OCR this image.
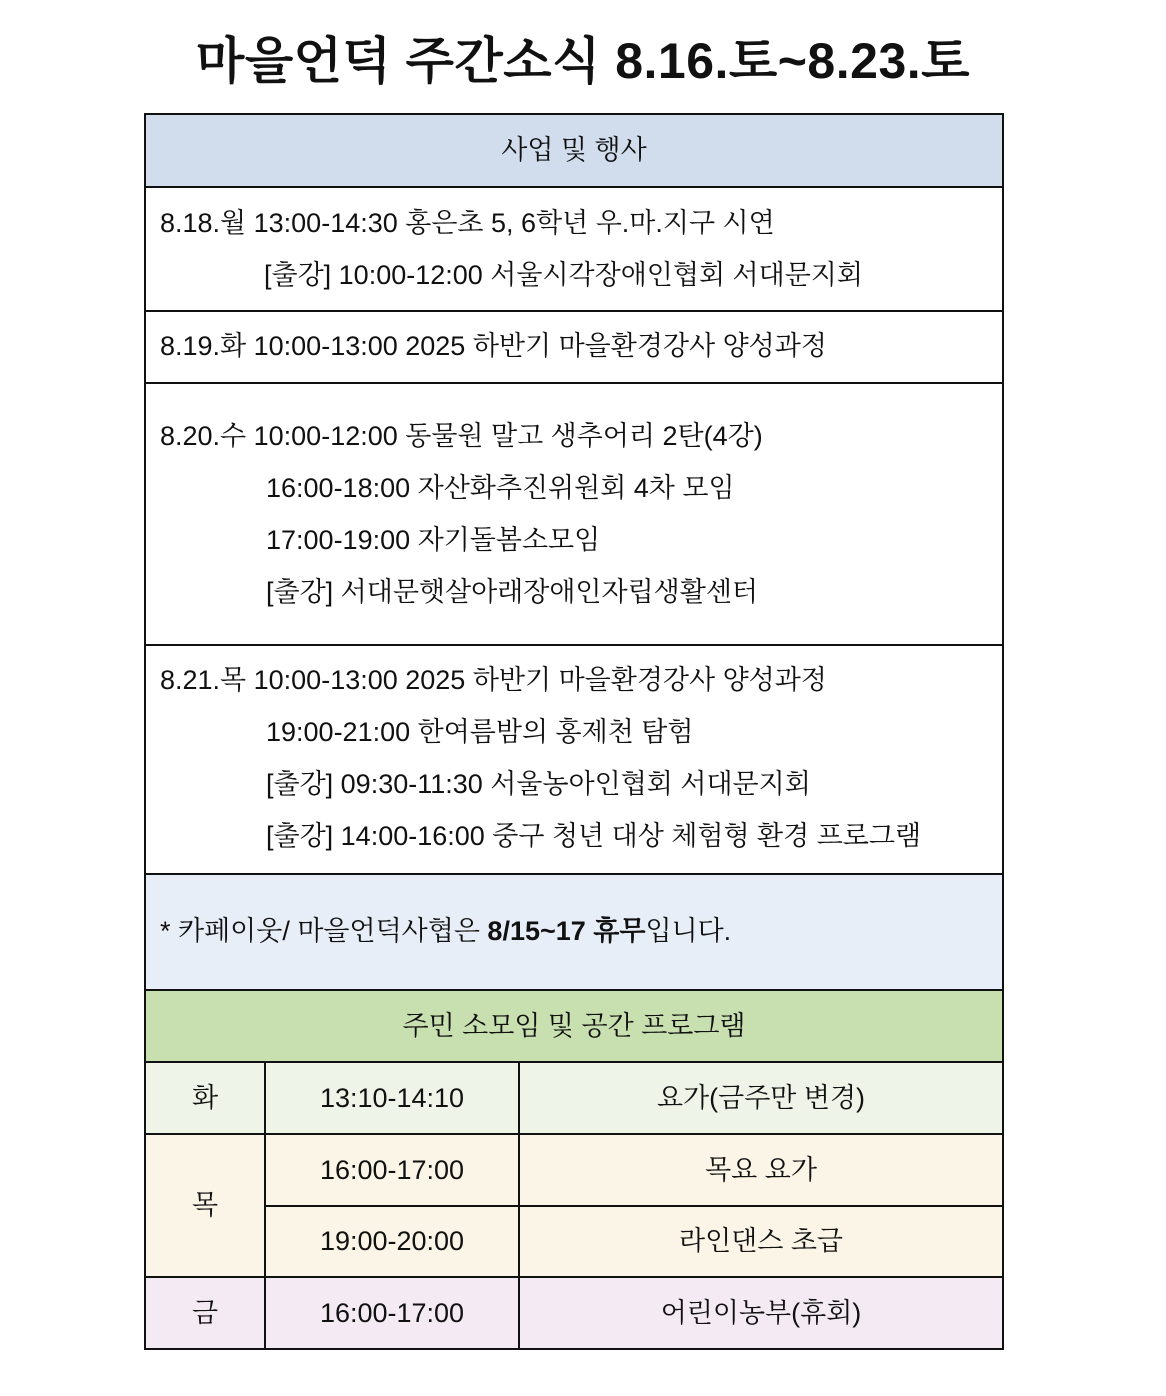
마을언덕 주간소식 8.16.토~8.23.토
사업 및 행사
8.18.월 13:00-14:30 홍은초 5, 6학년 우.마.지구 시연
[출강] 10:00-12:00 서울시각장애인협회 서대문지회
8.19.화 10:00-13:00 2025 하반기 마을환경강사 양성과정
8.20.수 10:00-12:00 동물원 말고 생추어리 2탄(4강)
16:00-18:00 자산화추진위원회 4차 모임
17:00-19:00 자기돌봄소모임
[출강] 서대문햇살아래장애인자립생활센터
8.21.목 10:00-13:00 2025 하반기 마을환경강사 양성과정
19:00-21:00 한여름밤의 홍제천 탐험
[출강] 09:30-11:30 서울농아인협회 서대문지회
[출강] 14:00-16:00 중구 청년 대상 체험형 환경 프로그램
* 카페이웃/ 마을언덕사협은 8/15~17 휴무입니다.
주민 소모임 및 공간 프로그램
화	13:10-14:10	요가(금주만 변경)
목
16:00-17:00	목요 요가
19:00-20:00	라인댄스 초급
금	16:00-17:00	어린이농부(휴회)
